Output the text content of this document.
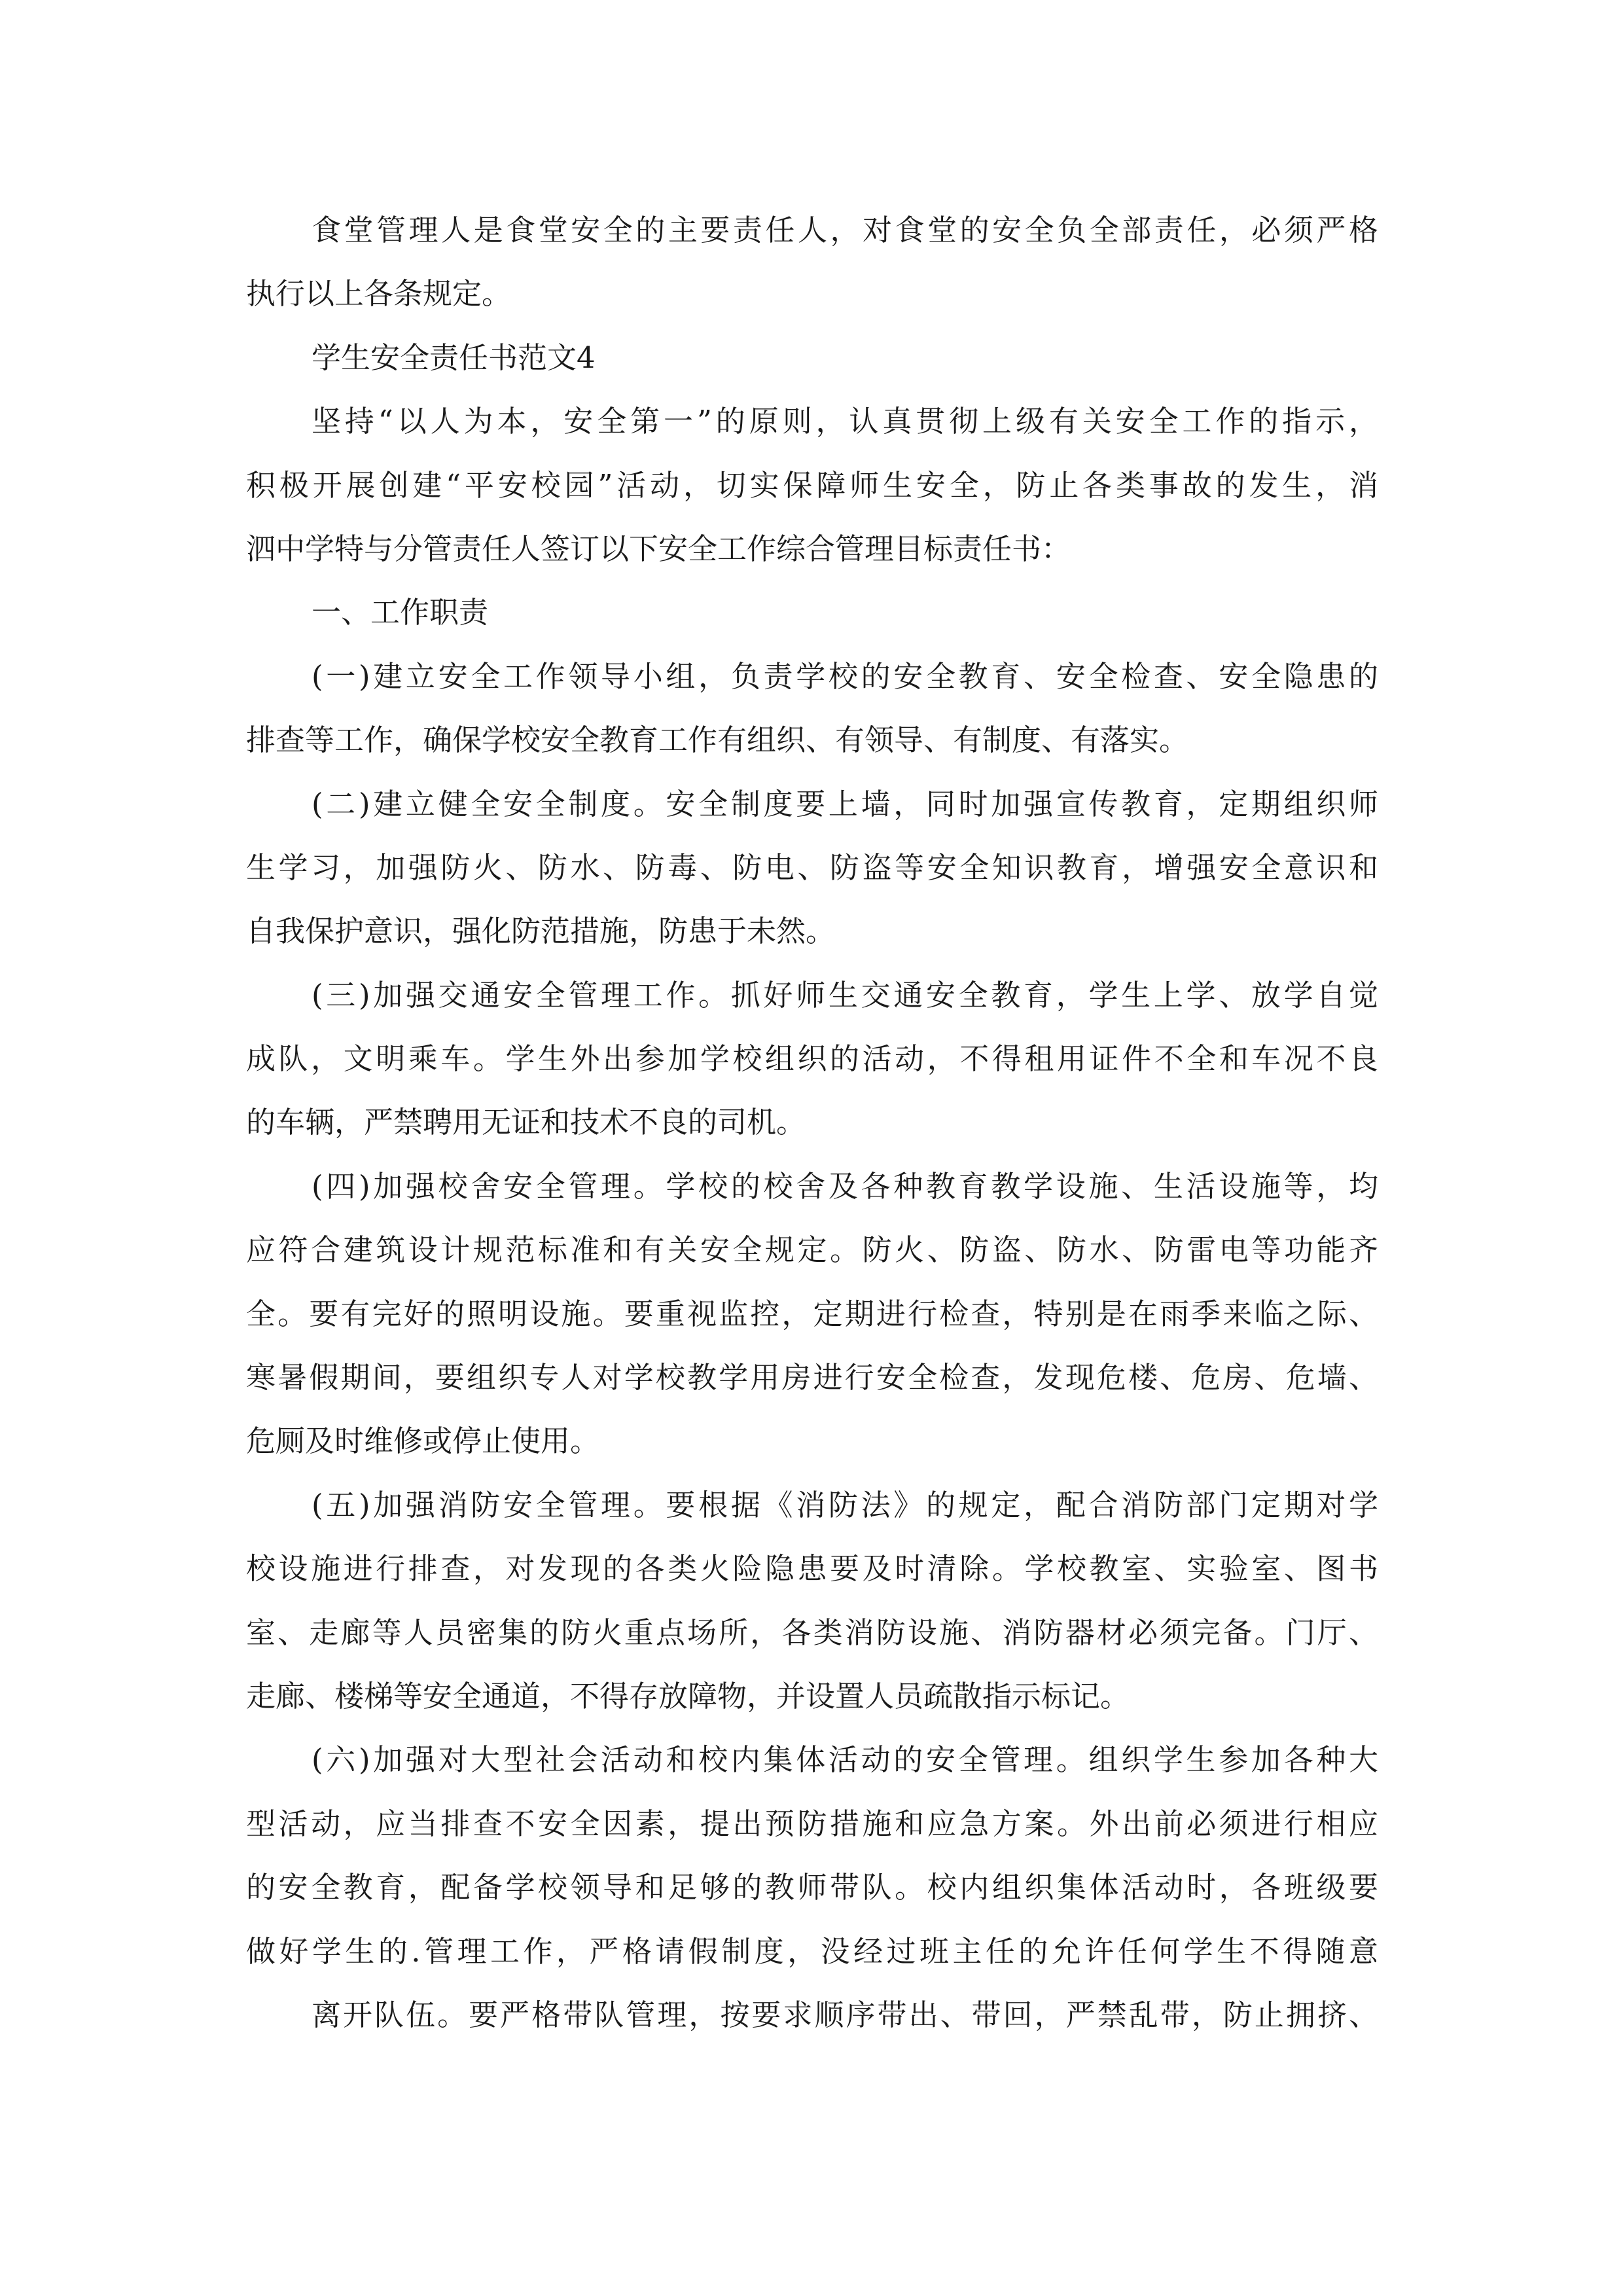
食堂管理人是食堂安全的主要责任人，对食堂的安全负全部责任，必须严格
执行以上各条规定。
学生安全责任书范文4
坚持“以人为本，安全第一”的原则，认真贯彻上级有关安全工作的指示，
积极开展创建“平安校园”活动，切实保障师生安全，防止各类事故的发生，消
泗中学特与分管责任人签订以下安全工作综合管理目标责任书：
一、工作职责
(一)建立安全工作领导小组，负责学校的安全教育、安全检查、安全隐患的
排查等工作，确保学校安全教育工作有组织、有领导、有制度、有落实。
(二)建立健全安全制度。安全制度要上墙，同时加强宣传教育，定期组织师
生学习，加强防火、防水、防毒、防电、防盗等安全知识教育，增强安全意识和
自我保护意识，强化防范措施，防患于未然。
(三)加强交通安全管理工作。抓好师生交通安全教育，学生上学、放学自觉
成队，文明乘车。学生外出参加学校组织的活动，不得租用证件不全和车况不良
的车辆，严禁聘用无证和技术不良的司机。
(四)加强校舍安全管理。学校的校舍及各种教育教学设施、生活设施等，均
应符合建筑设计规范标准和有关安全规定。防火、防盗、防水、防雷电等功能齐
全。要有完好的照明设施。要重视监控，定期进行检查，特别是在雨季来临之际、
寒暑假期间，要组织专人对学校教学用房进行安全检查，发现危楼、危房、危墙、
危厕及时维修或停止使用。
(五)加强消防安全管理。要根据《消防法》的规定，配合消防部门定期对学
校设施进行排查，对发现的各类火险隐患要及时清除。学校教室、实验室、图书
室、走廊等人员密集的防火重点场所，各类消防设施、消防器材必须完备。门厅、
走廊、楼梯等安全通道，不得存放障物，并设置人员疏散指示标记。
(六)加强对大型社会活动和校内集体活动的安全管理。组织学生参加各种大
型活动，应当排查不安全因素，提出预防措施和应急方案。外出前必须进行相应
的安全教育，配备学校领导和足够的教师带队。校内组织集体活动时，各班级要
做好学生的.管理工作，严格请假制度，没经过班主任的允许任何学生不得随意
离开队伍。要严格带队管理，按要求顺序带出、带回，严禁乱带，防止拥挤、
